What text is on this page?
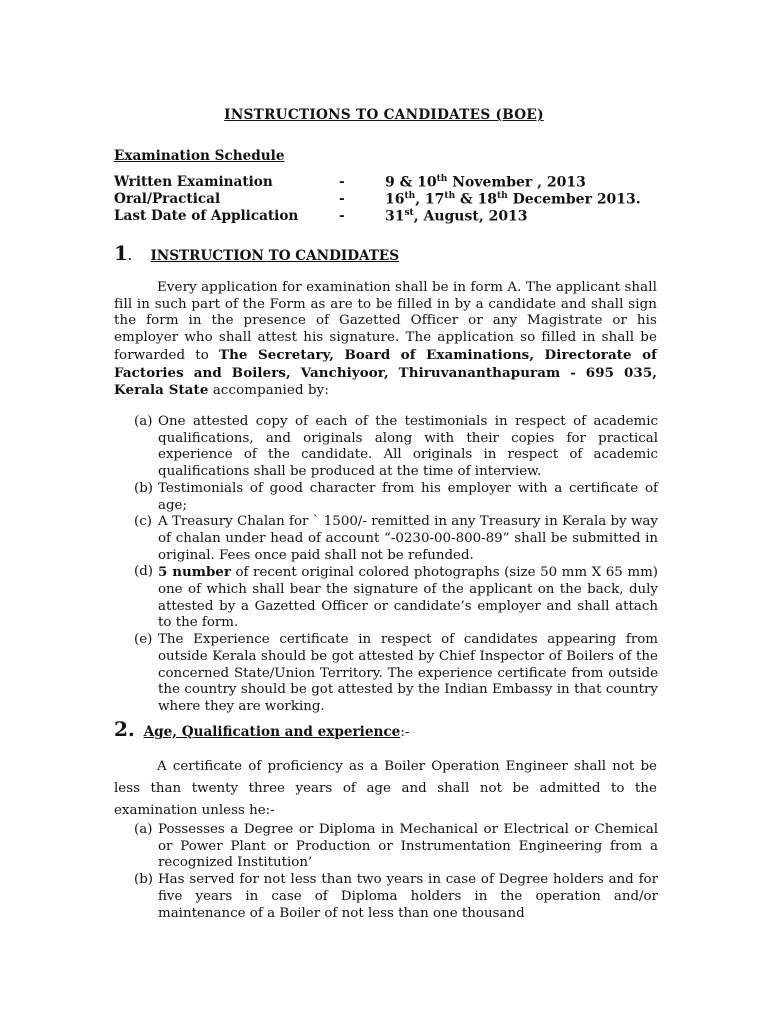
INSTRUCTIONS TO CANDIDATES (BOE)
Examination Schedule
Written Examination	-	9 & 10th November , 2013
Oral/Practical	-	16th, 17th & 18th December 2013.
Last Date of Application	-	31st, August, 2013
1. INSTRUCTION TO CANDIDATES
Every application for examination shall be in form A. The applicant shall fill in such part of the Form as are to be filled in by a candidate and shall sign the form in the presence of Gazetted Officer or any Magistrate or his employer who shall attest his signature. The application so filled in shall be forwarded to The Secretary, Board of Examinations, Directorate of Factories and Boilers, Vanchiyoor, Thiruvananthapuram - 695 035, Kerala State accompanied by:
(a) One attested copy of each of the testimonials in respect of academic qualifications, and originals along with their copies for practical experience of the candidate. All originals in respect of academic qualifications shall be produced at the time of interview.
(b) Testimonials of good character from his employer with a certificate of age;
(c) A Treasury Chalan for ` 1500/- remitted in any Treasury in Kerala by way of chalan under head of account “-0230-00-800-89” shall be submitted in original. Fees once paid shall not be refunded.
(d) 5 number of recent original colored photographs (size 50 mm X 65 mm) one of which shall bear the signature of the applicant on the back, duly attested by a Gazetted Officer or candidate’s employer and shall attach to the form.
(e) The Experience certificate in respect of candidates appearing from outside Kerala should be got attested by Chief Inspector of Boilers of the concerned State/Union Territory. The experience certificate from outside the country should be got attested by the Indian Embassy in that country where they are working.
2. Age, Qualification and experience:-
A certificate of proficiency as a Boiler Operation Engineer shall not be less than twenty three years of age and shall not be admitted to the examination unless he:-
(a) Possesses a Degree or Diploma in Mechanical or Electrical or Chemical or Power Plant or Production or Instrumentation Engineering from a recognized Institution’
(b) Has served for not less than two years in case of Degree holders and for five years in case of Diploma holders in the operation and/or maintenance of a Boiler of not less than one thousand
